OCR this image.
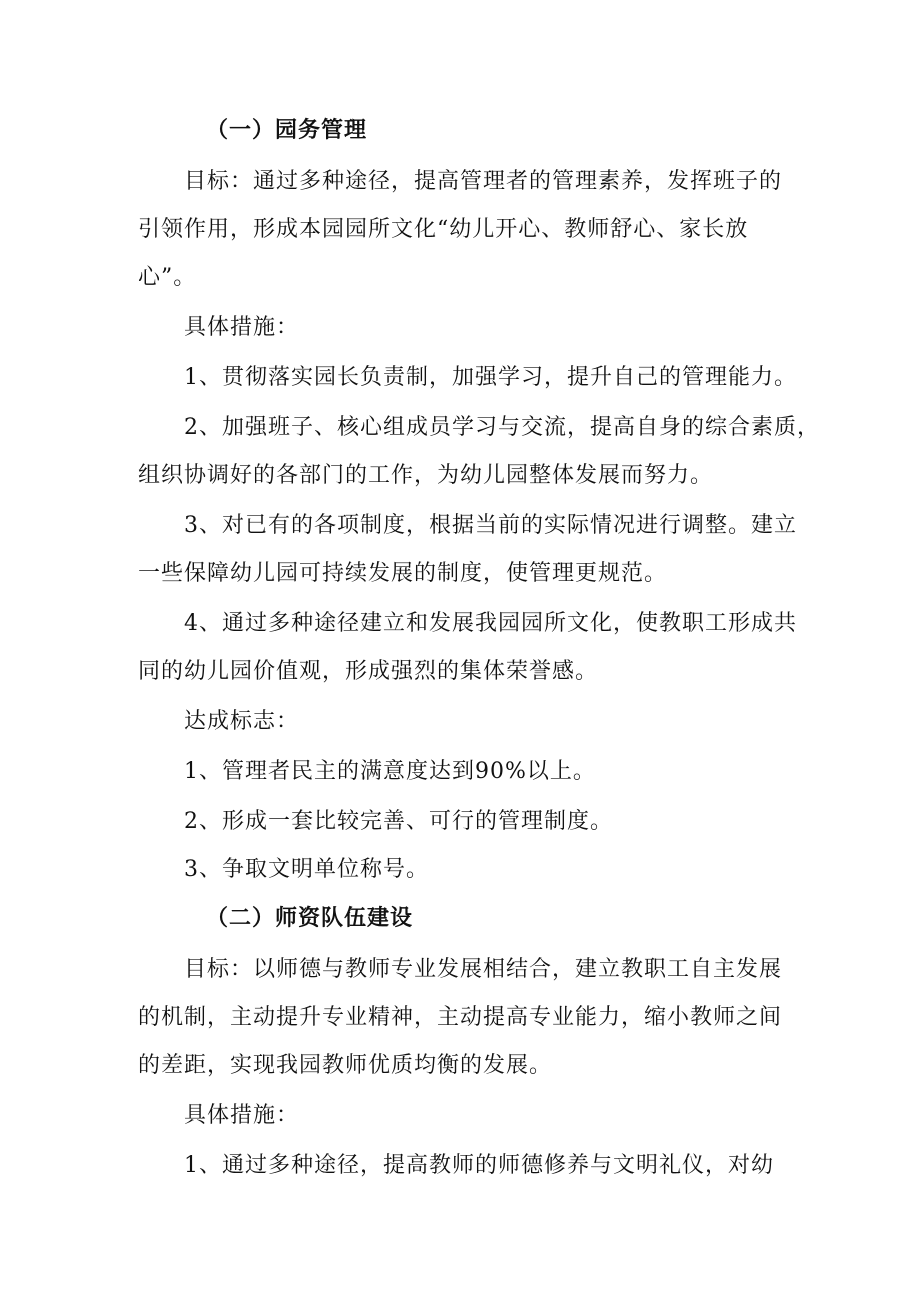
（一）园务管理
目标：通过多种途径，提高管理者的管理素养，发挥班子的
引领作用，形成本园园所文化“幼儿开心、教师舒心、家长放
心”。
具体措施：
1、贯彻落实园长负责制，加强学习，提升自己的管理能力。
2、加强班子、核心组成员学习与交流，提高自身的综合素质，
组织协调好的各部门的工作，为幼儿园整体发展而努力。
3、对已有的各项制度，根据当前的实际情况进行调整。建立
一些保障幼儿园可持续发展的制度，使管理更规范。
4、通过多种途径建立和发展我园园所文化，使教职工形成共
同的幼儿园价值观，形成强烈的集体荣誉感。
达成标志：
1、管理者民主的满意度达到90%以上。
2、形成一套比较完善、可行的管理制度。
3、争取文明单位称号。
（二）师资队伍建设
目标：以师德与教师专业发展相结合，建立教职工自主发展
的机制，主动提升专业精神，主动提高专业能力，缩小教师之间
的差距，实现我园教师优质均衡的发展。
具体措施：
1、通过多种途径，提高教师的师德修养与文明礼仪，对幼
